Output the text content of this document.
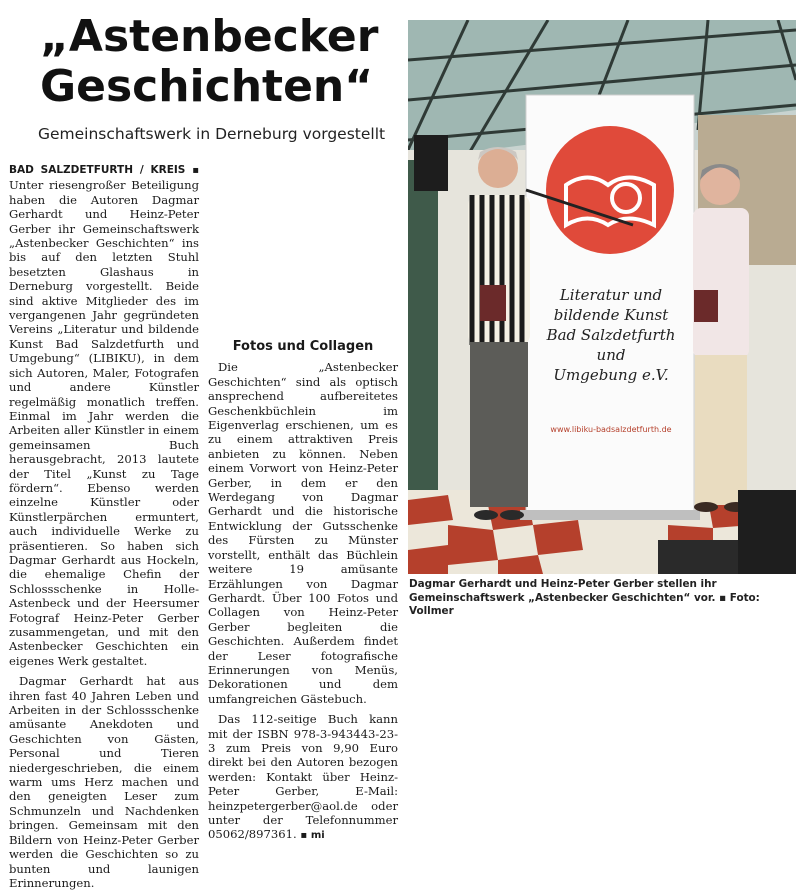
„Astenbecker
Geschichten“
Gemeinschaftswerk in Derneburg vorgestellt

BAD SALZDETFURTH / KREIS ▪ Unter riesengroßer Beteiligung haben die Autoren Dagmar Gerhardt und Heinz-Peter Gerber ihr Gemeinschaftswerk „Astenbecker Geschichten“ ins bis auf den letzten Stuhl besetzten Glashaus in Derneburg vorgestellt. Beide sind aktive Mitglieder des im vergangenen Jahr gegründeten Vereins „Literatur und bildende Kunst Bad Salzdetfurth und Umgebung“ (LIBIKU), in dem sich Autoren, Maler, Fotografen und andere Künstler regelmäßig monatlich treffen. Einmal im Jahr werden die Arbeiten aller Künstler in einem gemeinsamen Buch herausgebracht, 2013 lautete der Titel „Kunst zu Tage fördern“. Ebenso werden einzelne Künstler oder Künstlerpärchen ermuntert, auch individuelle Werke zu präsentieren. So haben sich Dagmar Gerhardt aus Hockeln, die ehemalige Chefin der Schlossschenke in Holle-Astenbeck und der Heersumer Fotograf Heinz-Peter Gerber zusammengetan, und mit den Astenbecker Geschichten ein eigenes Werk gestaltet.

Dagmar Gerhardt hat aus ihren fast 40 Jahren Leben und Arbeiten in der Schlossschenke amüsante Anekdoten und Geschichten von Gästen, Personal und Tieren niedergeschrieben, die einem warm ums Herz machen und den geneigten Leser zum Schmunzeln und Nachdenken bringen. Gemeinsam mit den Bildern von Heinz-Peter Gerber werden die Geschichten so zu bunten und launigen Erinnerungen.

Fotos und Collagen

Die „Astenbecker Geschichten“ sind als optisch ansprechend aufbereitetes Geschenkbüchlein im Eigenverlag erschienen, um es zu einem attraktiven Preis anbieten zu können. Neben einem Vorwort von Heinz-Peter Gerber, in dem er den Werdegang von Dagmar Gerhardt und die historische Entwicklung der Gutsschenke des Fürsten zu Münster vorstellt, enthält das Büchlein weitere 19 amüsante Erzählungen von Dagmar Gerhardt. Über 100 Fotos und Collagen von Heinz-Peter Gerber begleiten die Geschichten. Außerdem findet der Leser fotografische Erinnerungen von Menüs, Dekorationen und dem umfangreichen Gästebuch.

Das 112-seitige Buch kann mit der ISBN 978-3-943443-23-3 zum Preis von 9,90 Euro direkt bei den Autoren bezogen werden: Kontakt über Heinz-Peter Gerber, E-Mail: heinzpetergerber@aol.de oder unter der Telefonnummer 05062/897361. ▪ mi

Literatur und
bildende Kunst
Bad Salzdetfurth
und
Umgebung e.V.
www.libiku-badsalzdetfurth.de
Dagmar Gerhardt und Heinz-Peter Gerber stellen ihr Gemeinschaftswerk „Astenbecker Geschichten“ vor. ▪ Foto: Vollmer
